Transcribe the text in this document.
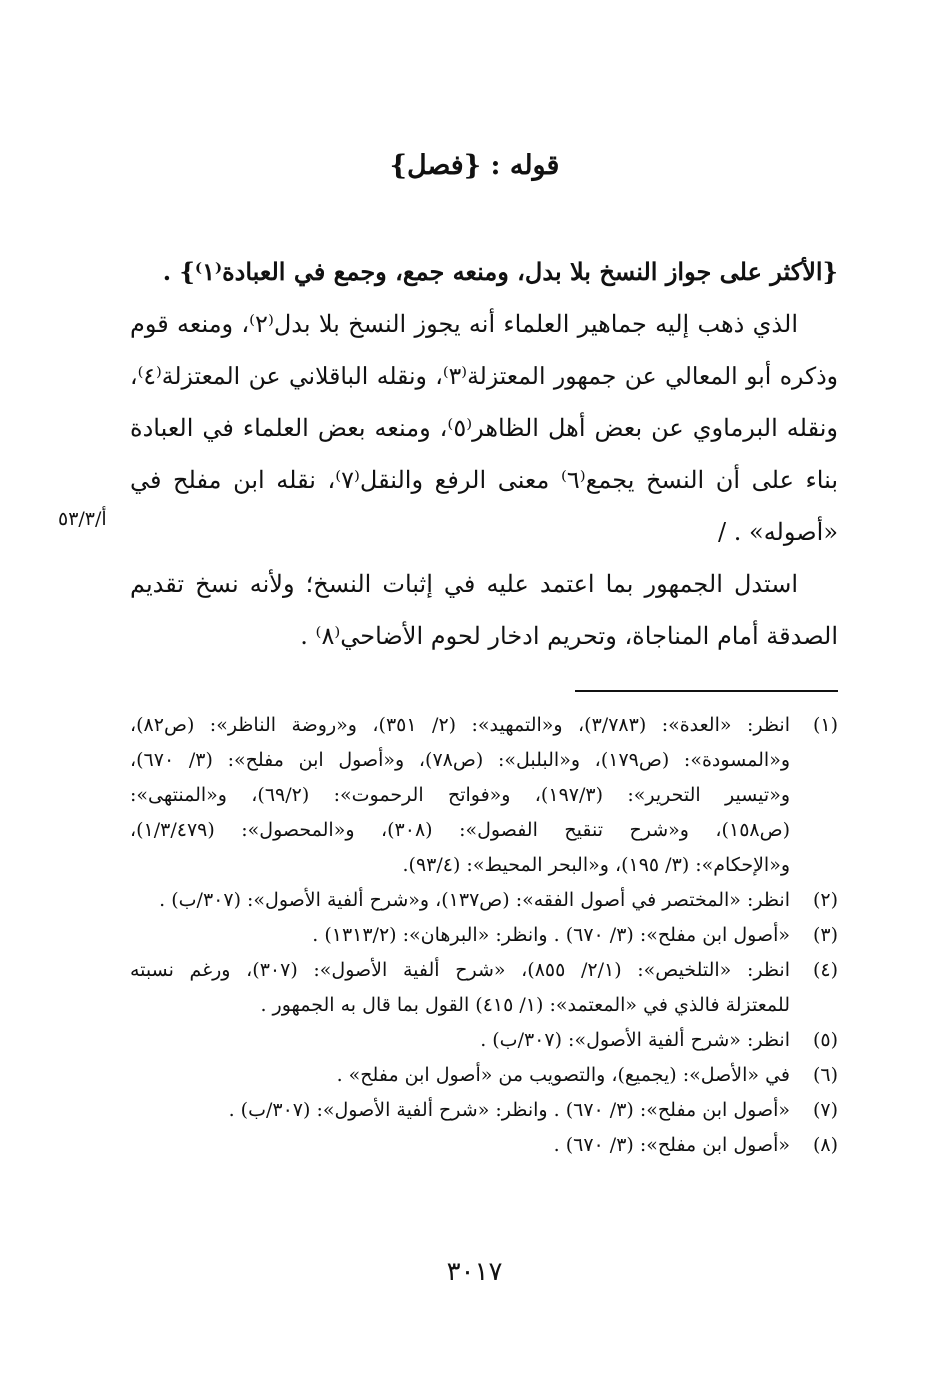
قوله : {فصل}

{الأكثر على جواز النسخ بلا بدل، ومنعه جمع، وجمع في العبادة⁽١⁾} .

الذي ذهب إليه جماهير العلماء أنه يجوز النسخ بلا بدل⁽٢⁾، ومنعه قوم
وذكره أبو المعالي عن جمهور المعتزلة⁽٣⁾، ونقله الباقلاني عن المعتزلة⁽٤⁾،
ونقله البرماوي عن بعض أهل الظاهر⁽٥⁾، ومنعه بعض العلماء في العبادة
بناء على أن النسخ يجمع⁽٦⁾ معنى الرفع والنقل⁽٧⁾، نقله ابن مفلح في
«أصوله» . /

استدل الجمهور بما اعتمد عليه في إثبات النسخ؛ ولأنه نسخ تقديم
الصدقة أمام المناجاة، وتحريم ادخار لحوم الأضاحي⁽٨⁾ .

أ/٥٣/٣
(١)
انظر: «العدة»: (٣/٧٨٣)، و«التمهيد»: (٢/ ٣٥١)، و«روضة الناظر»: (ص٨٢)،
و«المسودة»: (ص١٧٩)، و«البلبل»: (ص٧٨)، و«أصول ابن مفلح»: (٣/ ٦٧٠)،
و«تيسير التحرير»: (١٩٧/٣)، و«فواتح الرحموت»: (٦٩/٢)، و«المنتهى»:
(ص١٥٨)، و«شرح تنقيح الفصول»: (٣٠٨)، و«المحصول»: (١/٣/٤٧٩)،
و«الإحكام»: (٣/ ١٩٥)، و«البحر المحيط»: (٩٣/٤).
(٢)
انظر: «المختصر في أصول الفقه»: (ص١٣٧)، و«شرح ألفية الأصول»: (٣٠٧/ب) .
(٣)
«أصول ابن مفلح»: (٣/ ٦٧٠) . وانظر: «البرهان»: (١٣١٣/٢) .
(٤)
انظر: «التلخيص»: (٢/١/ ٨٥٥)، «شرح ألفية الأصول»: (٣٠٧)، ورغم نسبته
للمعتزلة فالذي في «المعتمد»: (١/ ٤١٥) القول بما قال به الجمهور .
(٥)
انظر: «شرح ألفية الأصول»: (٣٠٧/ب) .
(٦)
في «الأصل»: (يجميع)، والتصويب من «أصول ابن مفلح» .
(٧)
«أصول ابن مفلح»: (٣/ ٦٧٠) . وانظر: «شرح ألفية الأصول»: (٣٠٧/ب) .
(٨)
«أصول ابن مفلح»: (٣/ ٦٧٠) .
٣٠١٧
